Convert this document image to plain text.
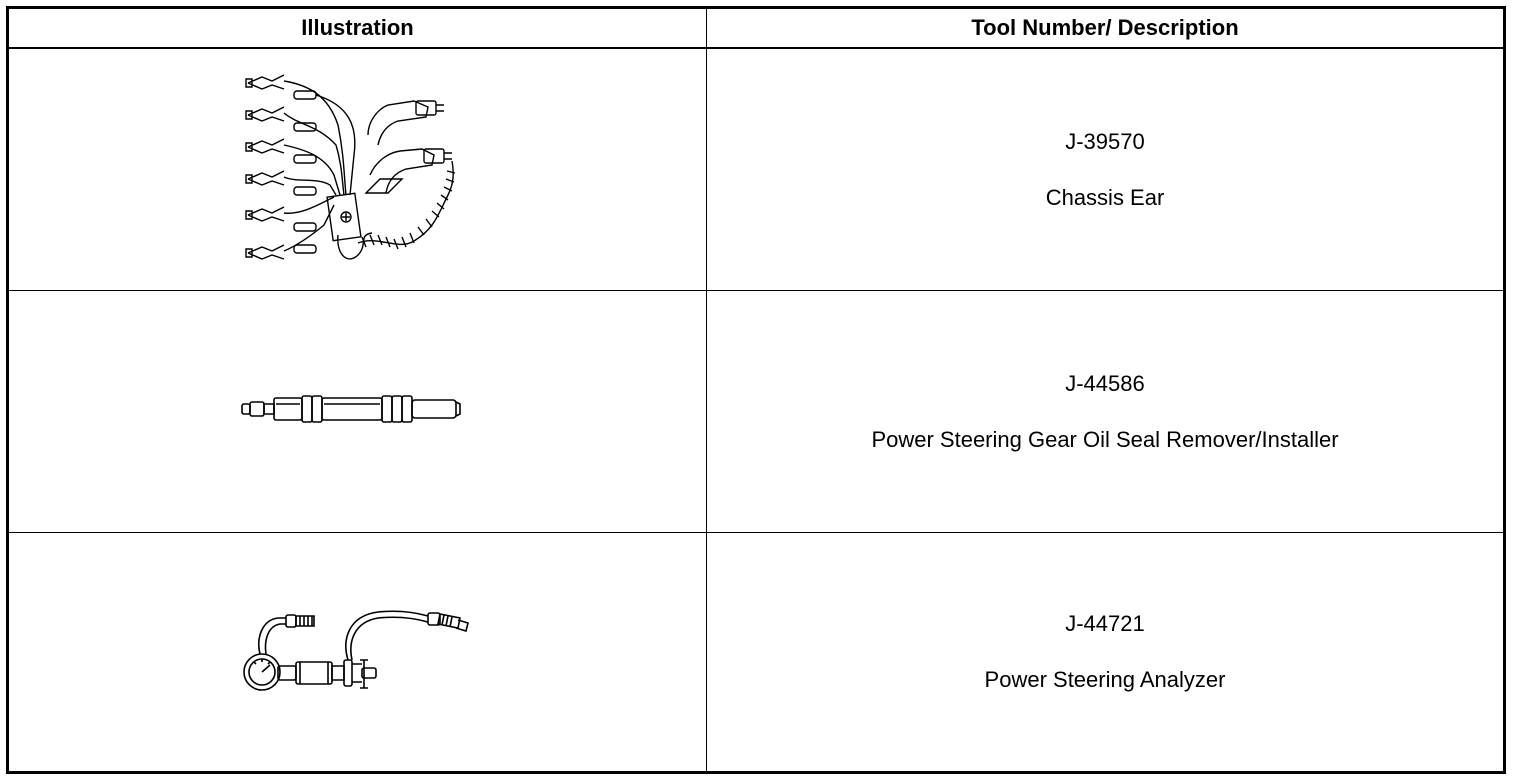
Illustration	Tool Number/ Description
J-39570
Chassis Ear
J-44586
Power Steering Gear Oil Seal Remover/Installer
J-44721
Power Steering Analyzer
